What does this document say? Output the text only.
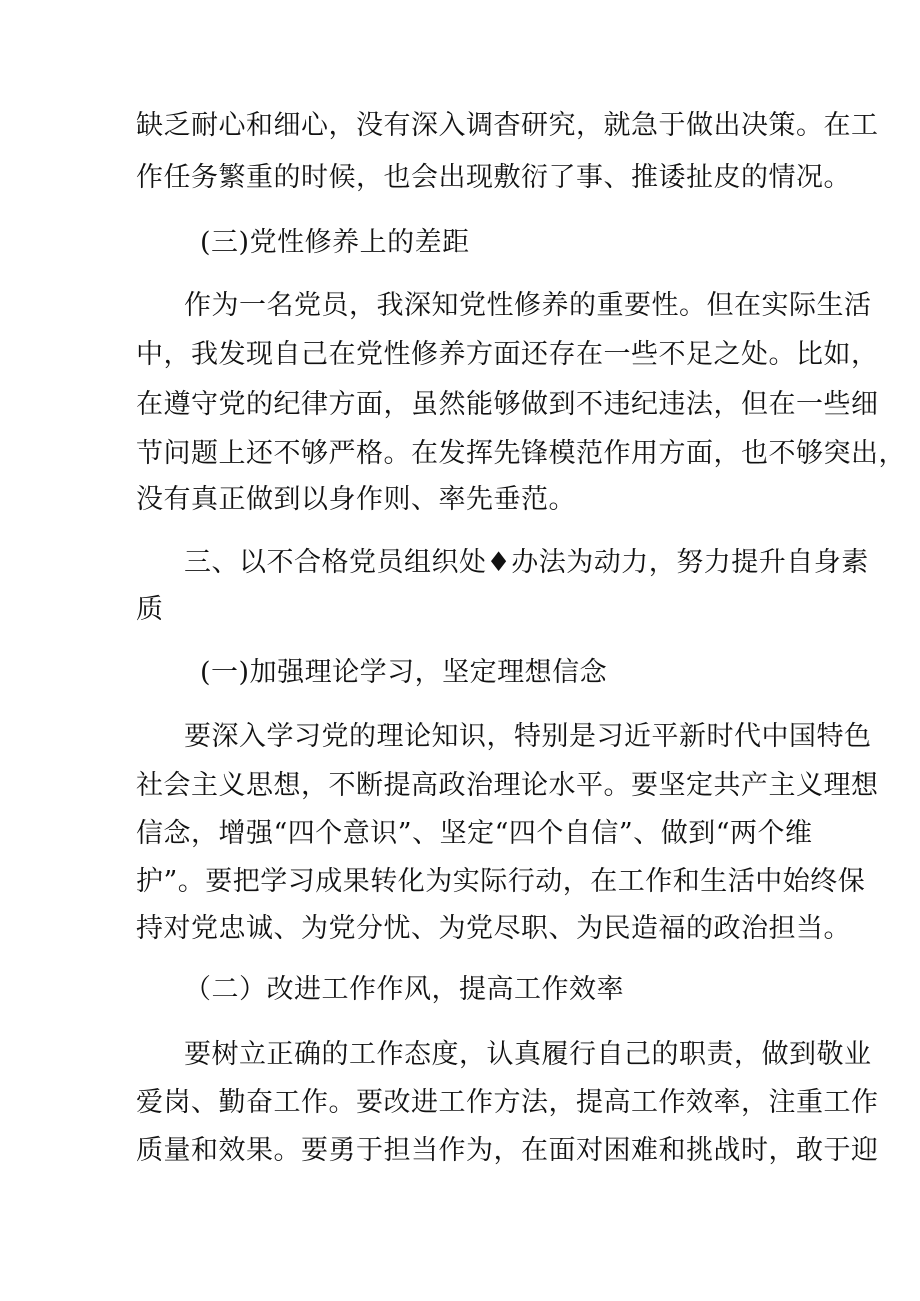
缺乏耐心和细心，没有深入调杳研究，就急于做出决策。在工
作任务繁重的时候，也会出现敷衍了事、推诿扯皮的情况。
(三)党性修养上的差距
作为一名党员，我深知党性修养的重要性。但在实际生活
中，我发现自己在党性修养方面还存在一些不足之处。比如，
在遵守党的纪律方面，虽然能够做到不违纪违法，但在一些细
节问题上还不够严格。在发挥先锋模范作用方面，也不够突出，
没有真正做到以身作则、率先垂范。
三、以不合格党员组织处♦办法为动力，努力提升自身素
质
(一)加强理论学习，坚定理想信念
要深入学习党的理论知识，特别是习近平新时代中国特色
社会主义思想，不断提高政治理论水平。要坚定共产主义理想
信念，增强“四个意识”、坚定“四个自信”、做到“两个维
护”。要把学习成果转化为实际行动，在工作和生活中始终保
持对党忠诚、为党分忧、为党尽职、为民造福的政治担当。
（二）改进工作作风，提高工作效率
要树立正确的工作态度，认真履行自己的职责，做到敬业
爱岗、勤奋工作。要改进工作方法，提高工作效率，注重工作
质量和效果。要勇于担当作为，在面对困难和挑战时，敢于迎
